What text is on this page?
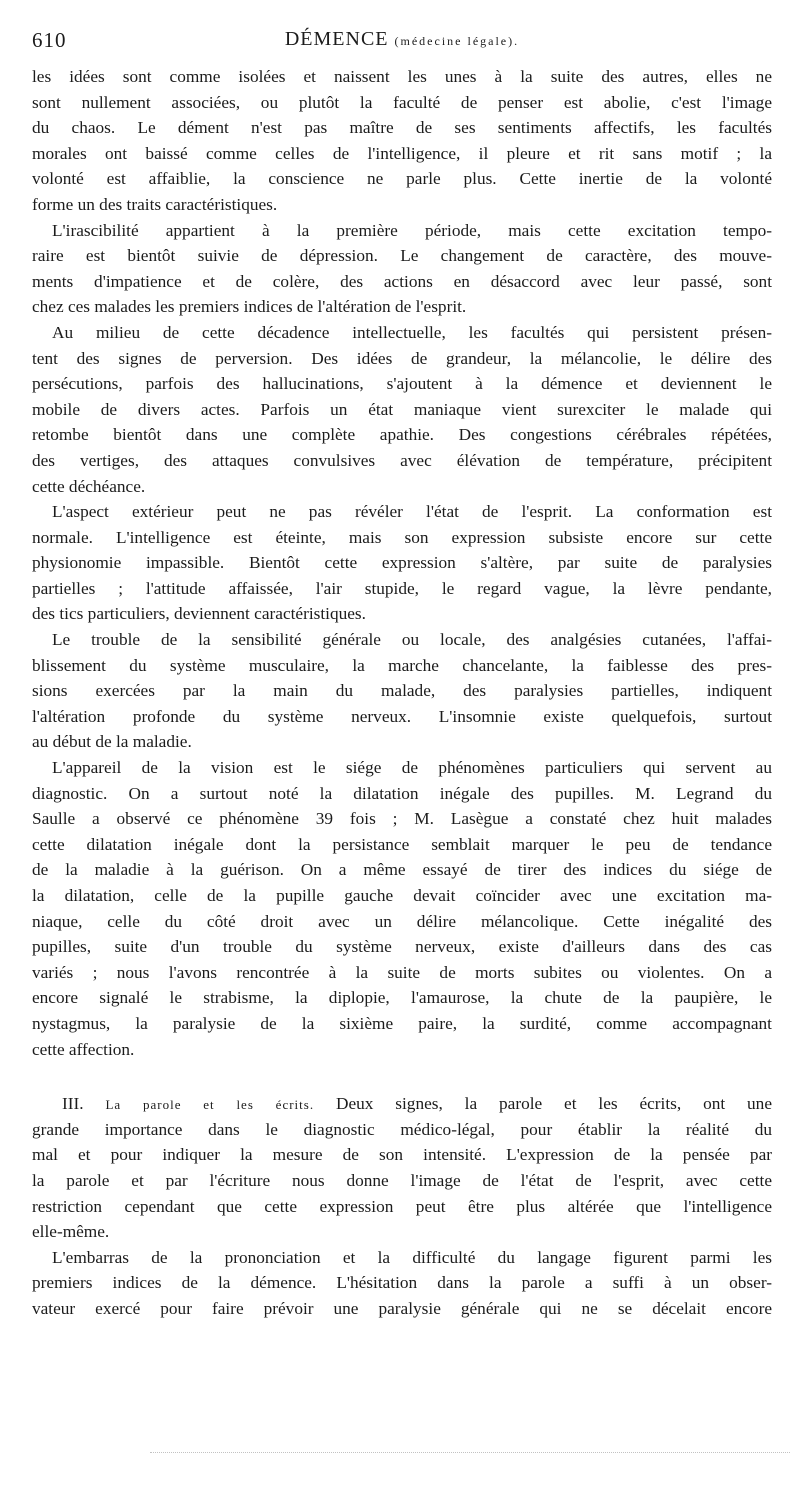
610	DÉMENCE (médecine légale).
les idées sont comme isolées et naissent les unes à la suite des autres, elles ne
sont nullement associées, ou plutôt la faculté de penser est abolie, c'est l'image
du chaos. Le dément n'est pas maître de ses sentiments affectifs, les facultés
morales ont baissé comme celles de l'intelligence, il pleure et rit sans motif ; la
volonté est affaiblie, la conscience ne parle plus. Cette inertie de la volonté
forme un des traits caractéristiques.
L'irascibilité appartient à la première période, mais cette excitation tempo-
raire est bientôt suivie de dépression. Le changement de caractère, des mouve-
ments d'impatience et de colère, des actions en désaccord avec leur passé, sont
chez ces malades les premiers indices de l'altération de l'esprit.
Au milieu de cette décadence intellectuelle, les facultés qui persistent présen-
tent des signes de perversion. Des idées de grandeur, la mélancolie, le délire des
persécutions, parfois des hallucinations, s'ajoutent à la démence et deviennent le
mobile de divers actes. Parfois un état maniaque vient surexciter le malade qui
retombe bientôt dans une complète apathie. Des congestions cérébrales répétées,
des vertiges, des attaques convulsives avec élévation de température, précipitent
cette déchéance.
L'aspect extérieur peut ne pas révéler l'état de l'esprit. La conformation est
normale. L'intelligence est éteinte, mais son expression subsiste encore sur cette
physionomie impassible. Bientôt cette expression s'altère, par suite de paralysies
partielles ; l'attitude affaissée, l'air stupide, le regard vague, la lèvre pendante,
des tics particuliers, deviennent caractéristiques.
Le trouble de la sensibilité générale ou locale, des analgésies cutanées, l'affai-
blissement du système musculaire, la marche chancelante, la faiblesse des pres-
sions exercées par la main du malade, des paralysies partielles, indiquent
l'altération profonde du système nerveux. L'insomnie existe quelquefois, surtout
au début de la maladie.
L'appareil de la vision est le siége de phénomènes particuliers qui servent au
diagnostic. On a surtout noté la dilatation inégale des pupilles. M. Legrand du
Saulle a observé ce phénomène 39 fois ; M. Lasègue a constaté chez huit malades
cette dilatation inégale dont la persistance semblait marquer le peu de tendance
de la maladie à la guérison. On a même essayé de tirer des indices du siége de
la dilatation, celle de la pupille gauche devait coïncider avec une excitation ma-
niaque, celle du côté droit avec un délire mélancolique. Cette inégalité des
pupilles, suite d'un trouble du système nerveux, existe d'ailleurs dans des cas
variés ; nous l'avons rencontrée à la suite de morts subites ou violentes. On a
encore signalé le strabisme, la diplopie, l'amaurose, la chute de la paupière, le
nystagmus, la paralysie de la sixième paire, la surdité, comme accompagnant
cette affection.
III. La parole et les écrits. Deux signes, la parole et les écrits, ont une
grande importance dans le diagnostic médico-légal, pour établir la réalité du
mal et pour indiquer la mesure de son intensité. L'expression de la pensée par
la parole et par l'écriture nous donne l'image de l'état de l'esprit, avec cette
restriction cependant que cette expression peut être plus altérée que l'intelligence
elle-même.
L'embarras de la prononciation et la difficulté du langage figurent parmi les
premiers indices de la démence. L'hésitation dans la parole a suffi à un obser-
vateur exercé pour faire prévoir une paralysie générale qui ne se décelait encore
